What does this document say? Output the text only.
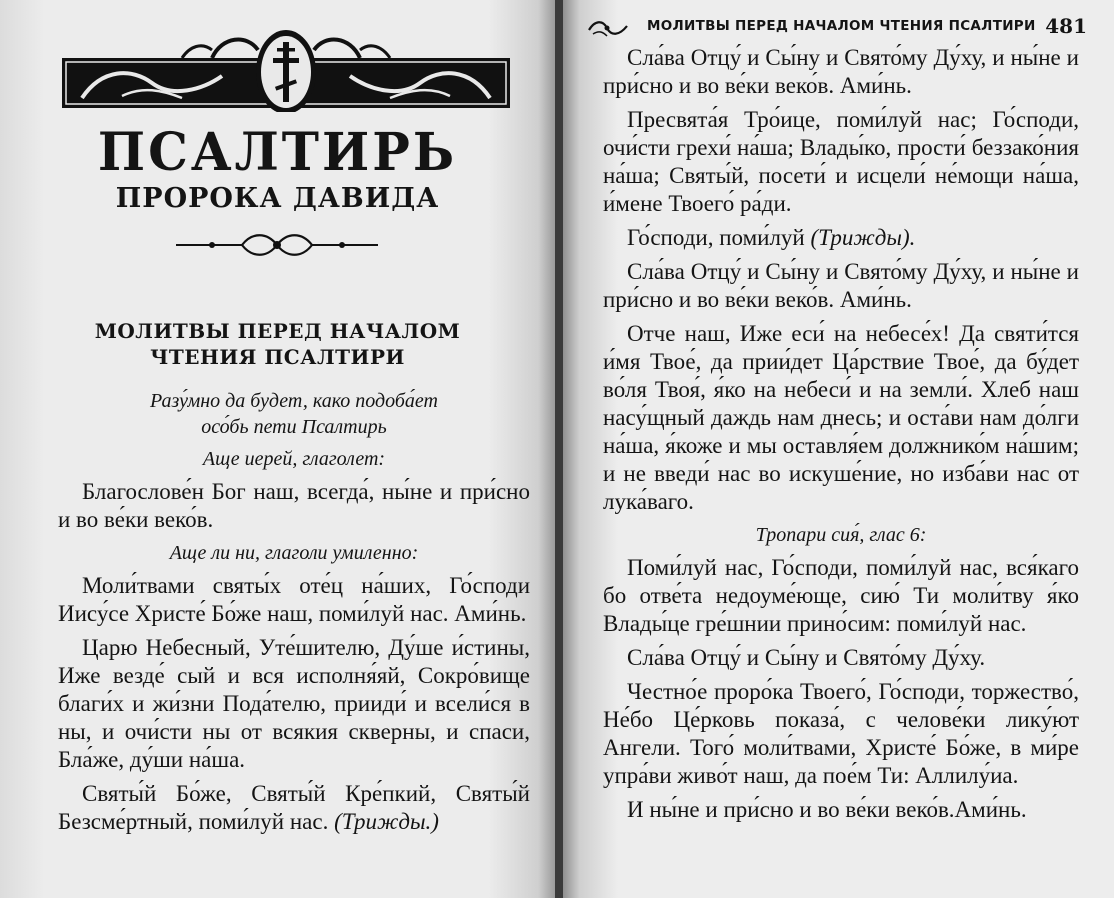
ПСАЛТИРЬ
ПРОРОКА ДАВИДА
МОЛИТВЫ ПЕРЕД НАЧАЛОМ
ЧТЕНИЯ ПСАЛТИРИ
Разу́мно да будет, како подоба́ет
осо́бь пети Псалтирь
Аще иерей, глаголет:

Благослове́н Бог наш, всегда́, ны́не и при́сно и во ве́ки веко́в.

Аще ли ни, глаголи умиленно:

Моли́твами святы́х оте́ц на́ших, Го́споди Иису́се Христе́ Бо́же наш, поми́луй нас. Ами́нь.

Царю Небесный, Уте́шителю, Ду́ше и́стины, Иже везде́ сый и вся исполня́яй, Сокро́вище благи́х и жи́зни Пода́телю, прииди́ и всели́ся в ны, и очи́сти ны от всякия скверны, и спаси, Бла́же, ду́ши на́ша.

Святы́й Бо́же, Святы́й Кре́пкий, Святы́й Безсме́ртный, поми́луй нас. (Трижды.)

МОЛИТВЫ ПЕРЕД НАЧАЛОМ ЧТЕНИЯ ПСАЛТИРИ 481

Сла́ва Отцу́ и Сы́ну и Свято́му Ду́ху, и ны́не и при́сно и во ве́ки веко́в. Ами́нь.

Пресвята́я Тро́ице, поми́луй нас; Го́споди, очи́сти грехи́ на́ша; Влады́ко, прости́ беззако́ния на́ша; Святы́й, посети́ и исцели́ не́мощи на́ша, и́мене Твоего́ ра́ди.

Го́споди, поми́луй (Трижды).

Сла́ва Отцу́ и Сы́ну и Свято́му Ду́ху, и ны́не и при́сно и во ве́ки веко́в. Ами́нь.

Отче наш, Иже еси́ на небесе́х! Да святи́тся и́мя Твое́, да прии́дет Ца́рствие Твое́, да бу́дет во́ля Твоя́, я́ко на небеси́ и на земли́. Хлеб наш насу́щный даждь нам днесь; и оста́ви нам до́лги на́ша, я́коже и мы оставля́ем должнико́м на́шим; и не введи́ нас во искуше́ние, но изба́ви нас от лука́ваго.

Тропари сия́, глас 6:

Поми́луй нас, Го́споди, поми́луй нас, вся́каго бо отве́та недоуме́юще, сию́ Ти моли́тву я́ко Влады́це гре́шнии прино́сим: поми́луй нас.

Сла́ва Отцу́ и Сы́ну и Свято́му Ду́ху.

Честно́е проро́ка Твоего́, Го́споди, торжество́, Не́бо Це́рковь показа́, с челове́ки лику́ют Ангели. Того́ моли́твами, Христе́ Бо́же, в ми́ре упра́ви живо́т наш, да пое́м Ти: Аллилу́иа.

И ны́не и при́сно и во ве́ки веко́в.Ами́нь.
